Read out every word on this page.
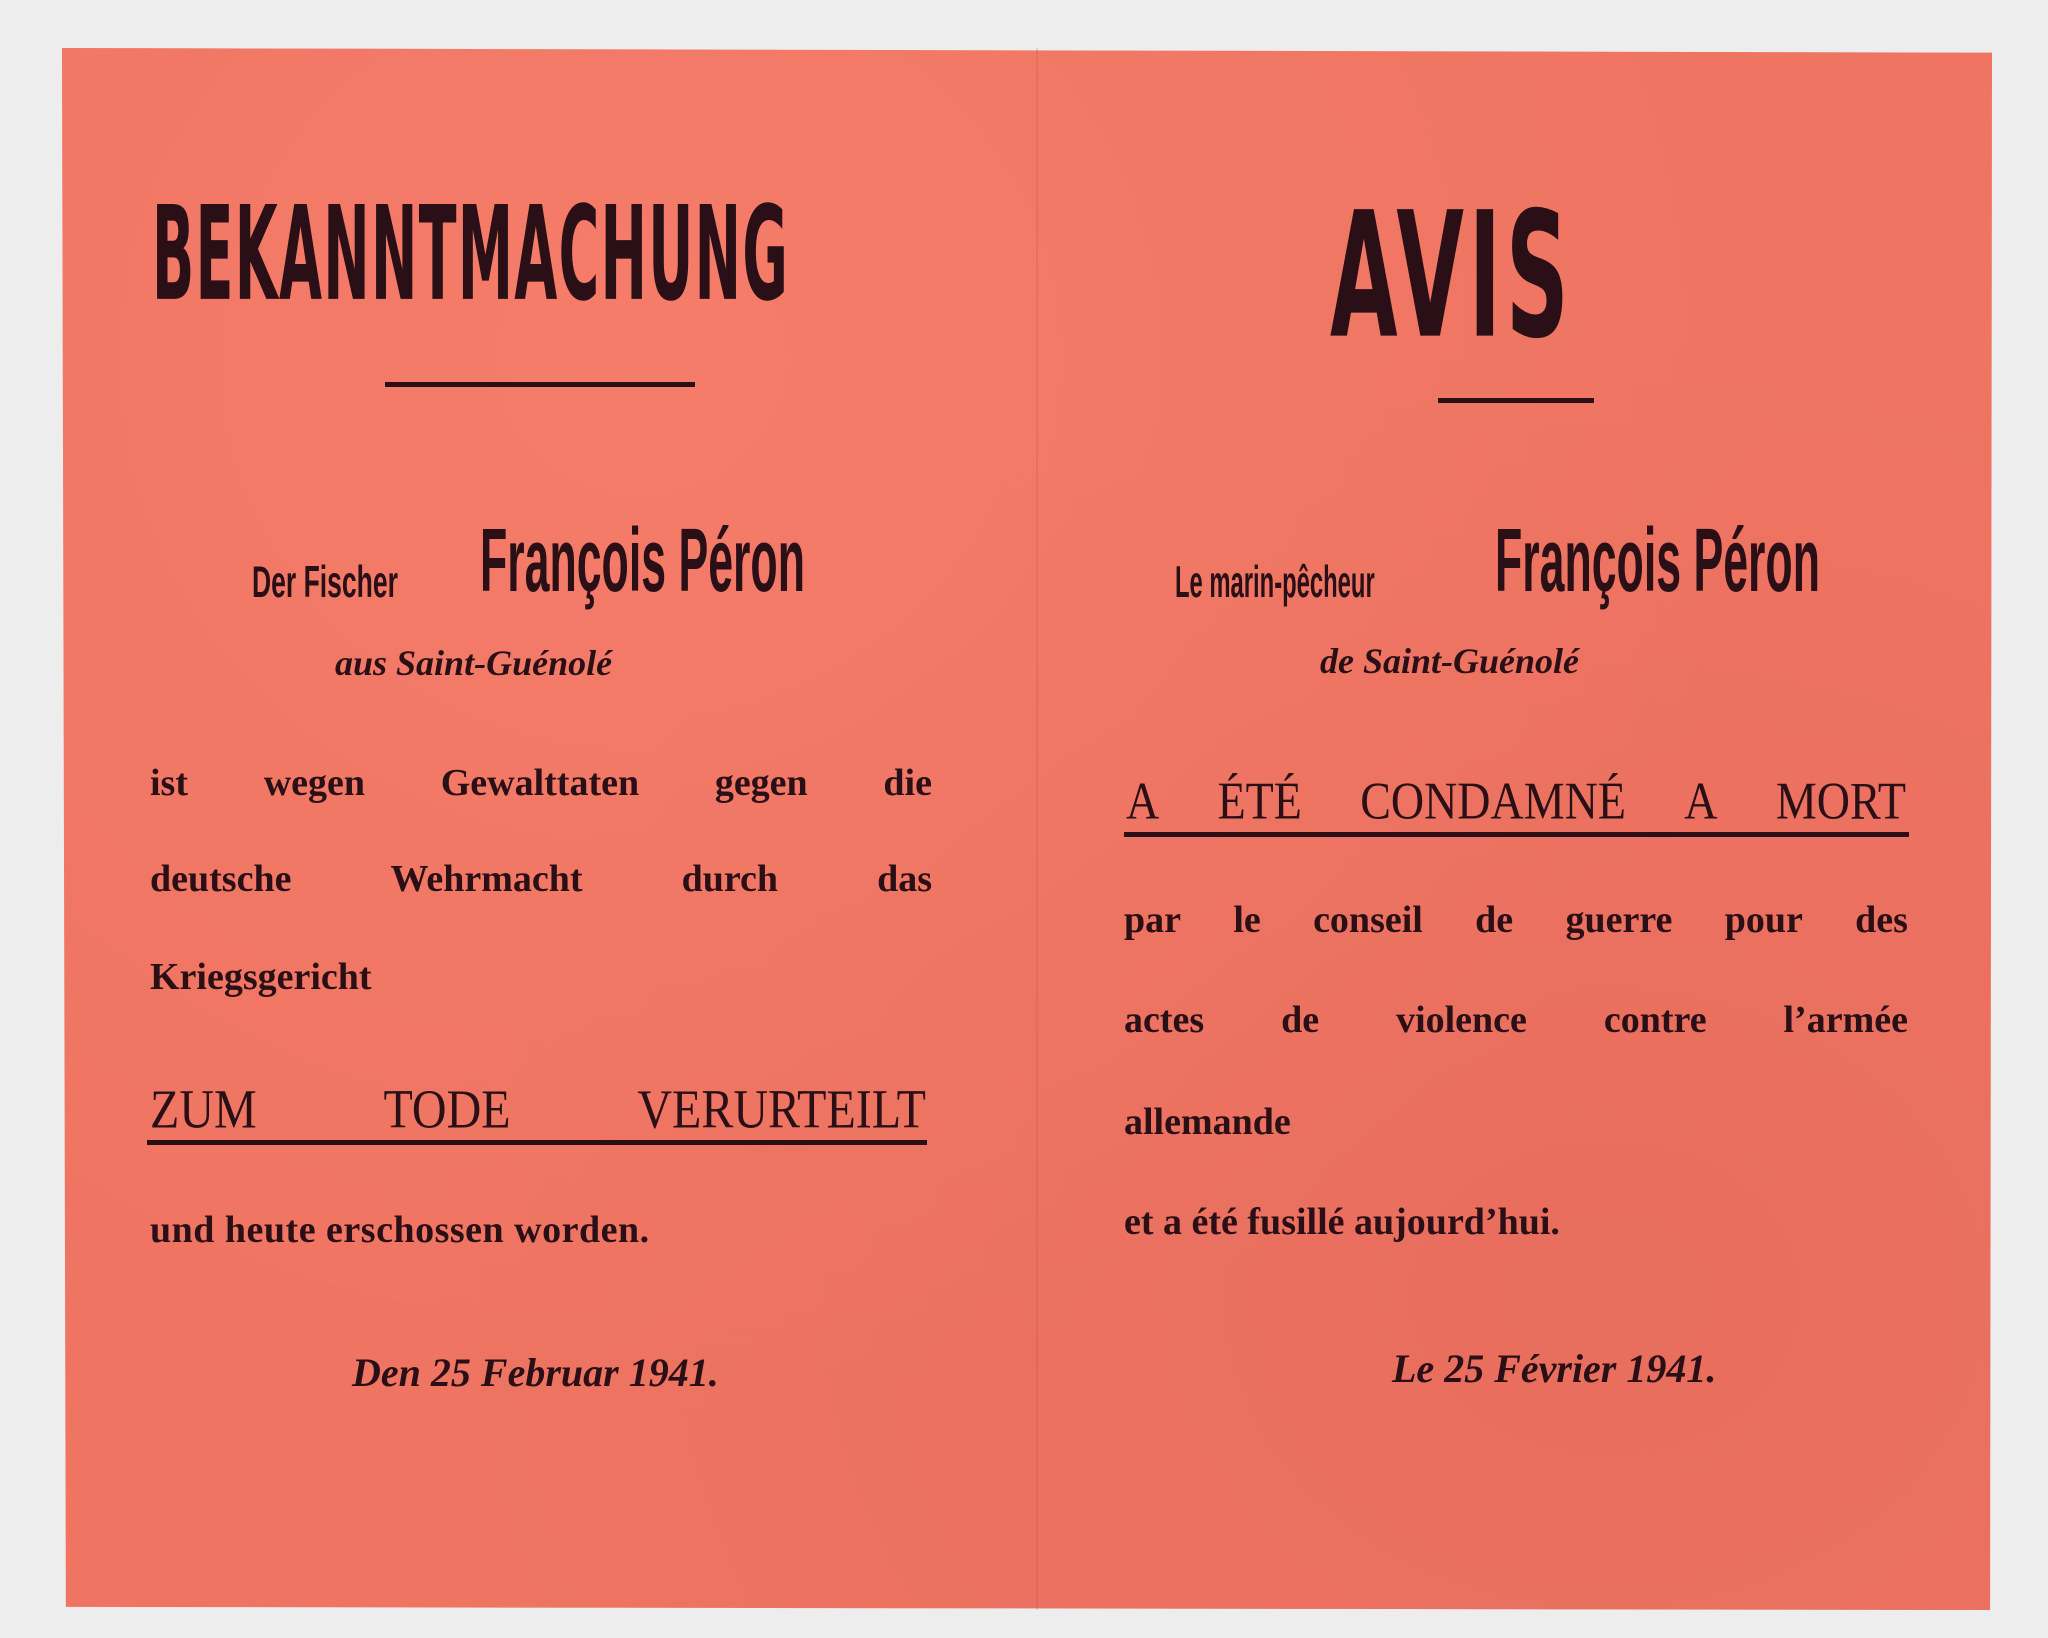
BEKANNTMACHUNG
Der Fischer François Péron
aus Saint-Guénolé
ist wegen Gewalttaten gegen die
deutsche	Wehrmacht	durch	das
Kriegsgericht
ZUM	TODE	VERURTEILT
und heute erschossen worden.
Den 25 Februar 1941.
AVIS
Le marin-pêcheur François Péron
de Saint-Guénolé
A ÉTÉ CONDAMNÉ A MORT
par le conseil de guerre pour des
actes de violence contre l’armée
allemande
et a été fusillé aujourd’hui.
Le 25 Février 1941.
